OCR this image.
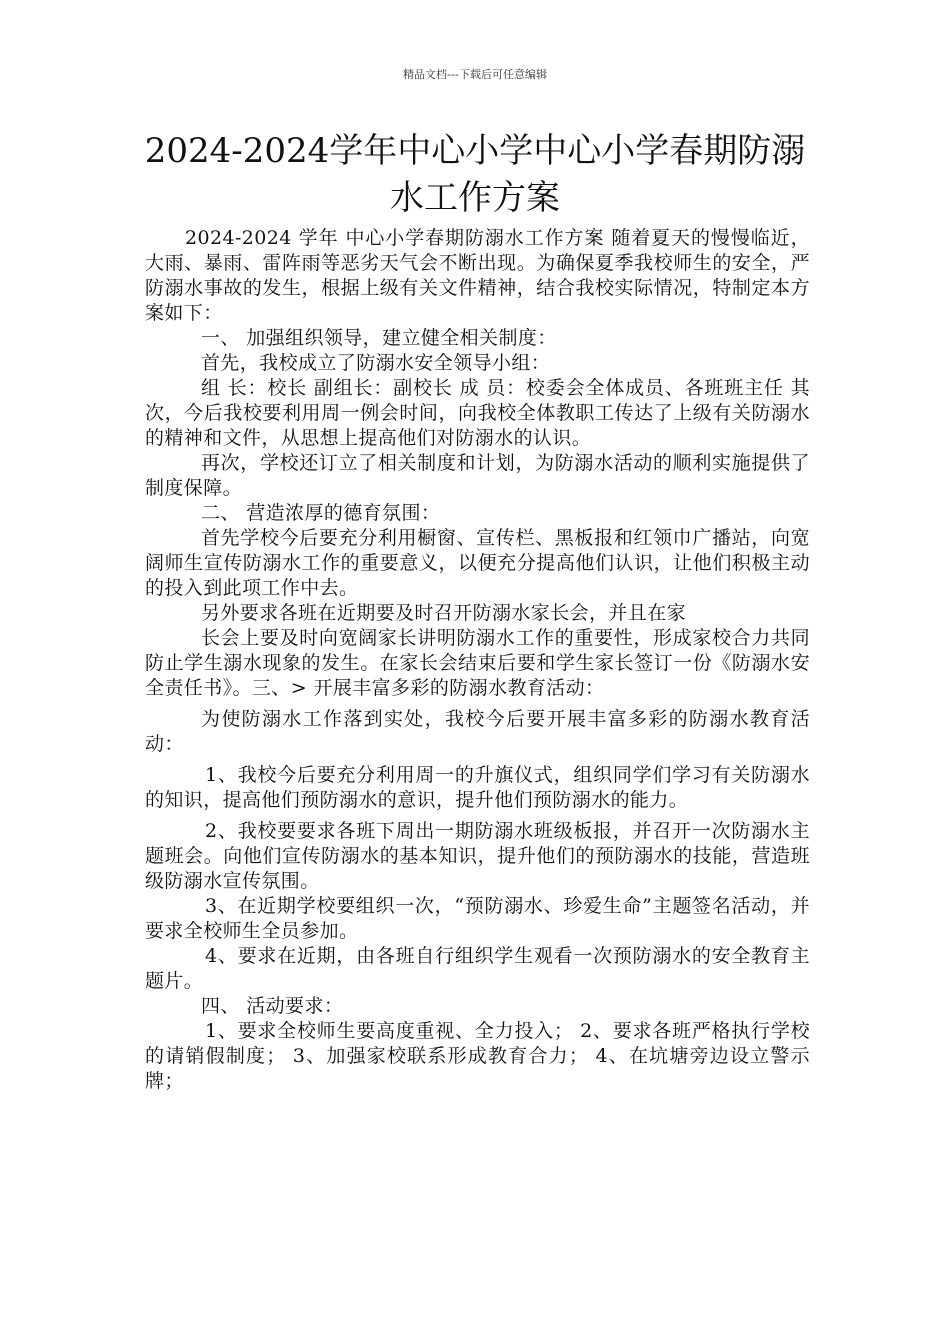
精品文档---下载后可任意编辑
2024-2024学年中心小学中心小学春期防溺水工作方案

2024-2024 学年 中心小学春期防溺水工作方案 随着夏天的慢慢临近，大雨、暴雨、雷阵雨等恶劣天气会不断出现。为确保夏季我校师生的安全，严防溺水事故的发生，根据上级有关文件精神，结合我校实际情况，特制定本方案如下：

一、 加强组织领导，建立健全相关制度：

首先，我校成立了防溺水安全领导小组：

组 长：校长 副组长：副校长 成 员：校委会全体成员、各班班主任 其次，今后我校要利用周一例会时间，向我校全体教职工传达了上级有关防溺水的精神和文件，从思想上提高他们对防溺水的认识。

再次，学校还订立了相关制度和计划，为防溺水活动的顺利实施提供了制度保障。

二、 营造浓厚的德育氛围：

首先学校今后要充分利用橱窗、宣传栏、黑板报和红领巾广播站，向宽阔师生宣传防溺水工作的重要意义，以便充分提高他们认识，让他们积极主动的投入到此项工作中去。

另外要求各班在近期要及时召开防溺水家长会，并且在家

长会上要及时向宽阔家长讲明防溺水工作的重要性，形成家校合力共同防止学生溺水现象的发生。在家长会结束后要和学生家长签订一份《防溺水安全责任书》。三、> 开展丰富多彩的防溺水教育活动：

为使防溺水工作落到实处，我校今后要开展丰富多彩的防溺水教育活动：

1、我校今后要充分利用周一的升旗仪式，组织同学们学习有关防溺水的知识，提高他们预防溺水的意识，提升他们预防溺水的能力。

2、我校要要求各班下周出一期防溺水班级板报，并召开一次防溺水主题班会。向他们宣传防溺水的基本知识，提升他们的预防溺水的技能，营造班级防溺水宣传氛围。

3、在近期学校要组织一次，“预防溺水、珍爱生命”主题签名活动，并要求全校师生全员参加。

4、要求在近期，由各班自行组织学生观看一次预防溺水的安全教育主题片。

四、 活动要求：

1、要求全校师生要高度重视、全力投入； 2、要求各班严格执行学校的请销假制度； 3、加强家校联系形成教育合力； 4、在坑塘旁边设立警示牌；
